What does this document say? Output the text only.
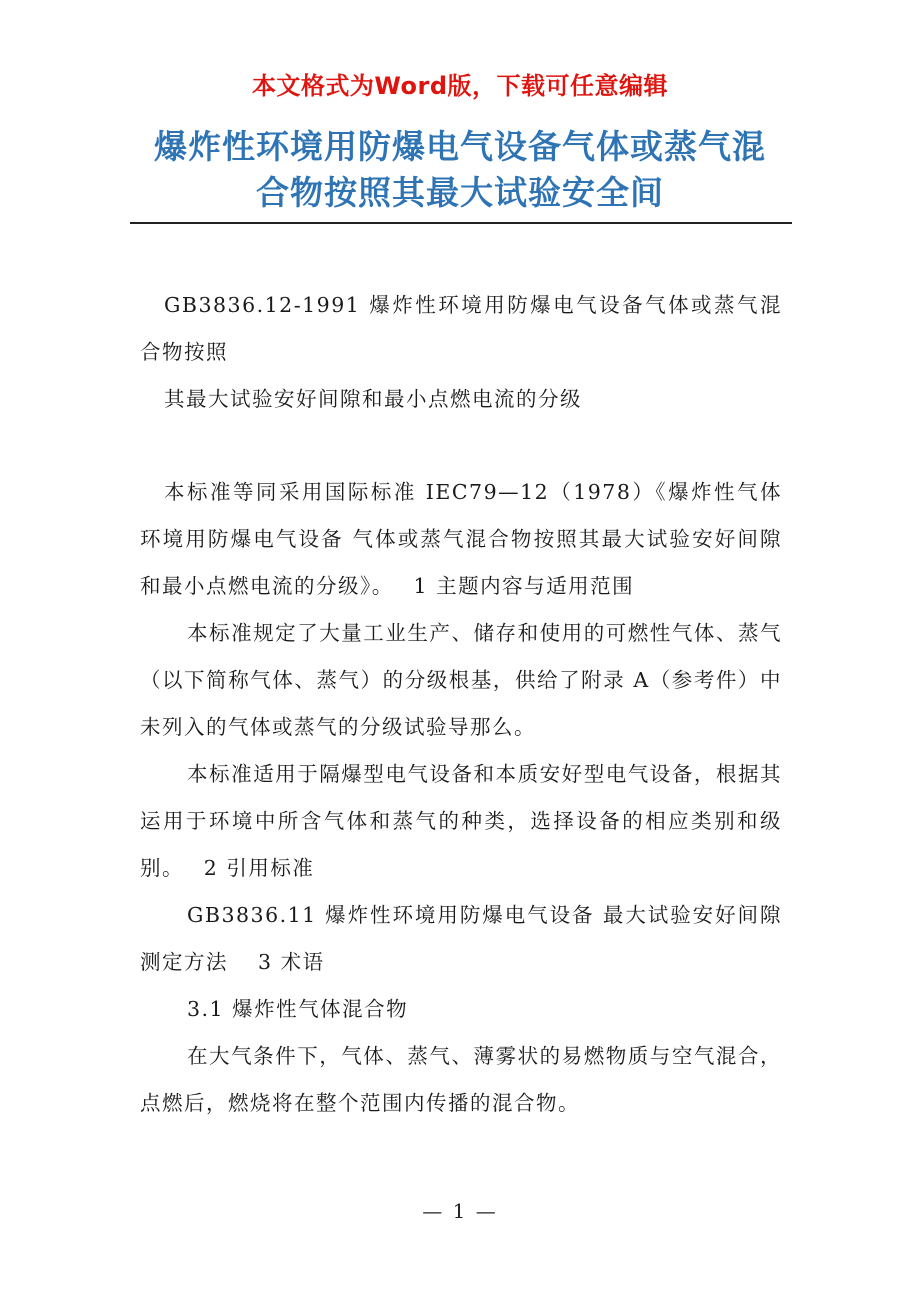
本文格式为Word版，下载可任意编辑
爆炸性环境用防爆电气设备气体或蒸气混
合物按照其最大试验安全间

GB3836.12-1991 爆炸性环境用防爆电气设备气体或蒸气混合物按照

其最大试验安好间隙和最小点燃电流的分级

本标准等同采用国际标准 IEC79—12（1978）《爆炸性气体环境用防爆电气设备 气体或蒸气混合物按照其最大试验安好间隙和最小点燃电流的分级》。　 1 主题内容与适用范围

本标准规定了大量工业生产、储存和使用的可燃性气体、蒸气（以下简称气体、蒸气）的分级根基，供给了附录 A（参考件）中未列入的气体或蒸气的分级试验导那么。

本标准适用于隔爆型电气设备和本质安好型电气设备，根据其运用于环境中所含气体和蒸气的种类，选择设备的相应类别和级别。　 2 引用标准

GB3836.11 爆炸性环境用防爆电气设备 最大试验安好间隙测定方法　 3 术语

3.1 爆炸性气体混合物

在大气条件下，气体、蒸气、薄雾状的易燃物质与空气混合，点燃后，燃烧将在整个范围内传播的混合物。

— 1 —
